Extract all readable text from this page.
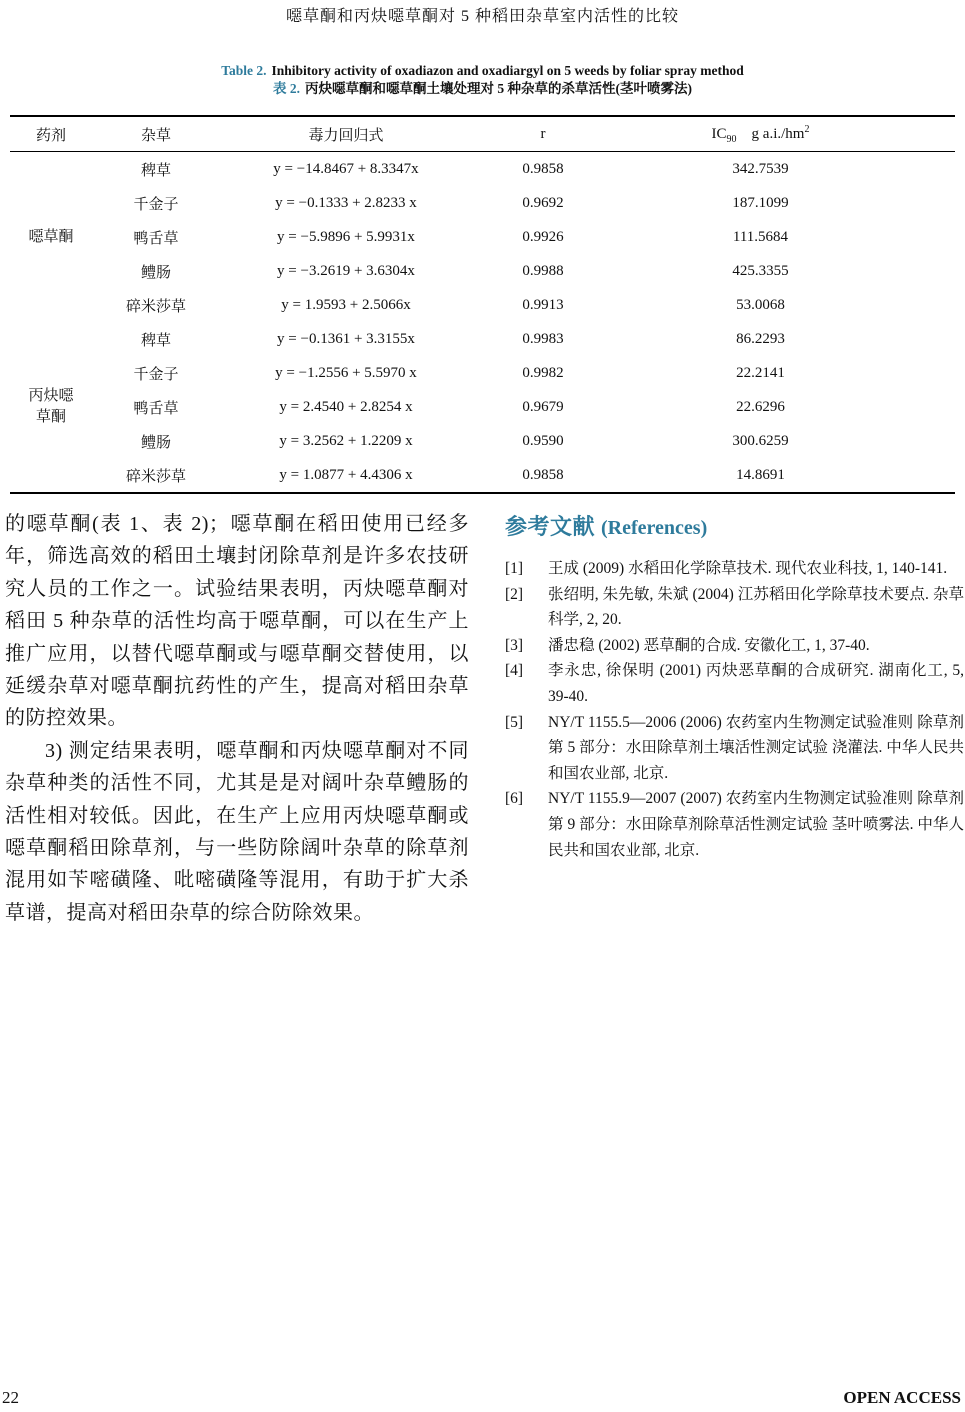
噁草酮和丙炔噁草酮对 5 种稻田杂草室内活性的比较
Table 2. Inhibitory activity of oxadiazon and oxadiargyl on 5 weeds by foliar spray method
表 2. 丙炔噁草酮和噁草酮土壤处理对 5 种杂草的杀草活性(茎叶喷雾法)
药剂	杂草	毒力回归式	r	$IC_{90}$ g $a.i./hm^2$
噁草酮	稗草	y = −14.8467 + 8.3347x	0.9858	342.7539
	千金子	y = −0.1333 + 2.8233 x	0.9692	187.1099
	鸭舌草	y = −5.9896 + 5.9931x	0.9926	111.5684
	鳢肠	y = −3.2619 + 3.6304x	0.9988	425.3355
	碎米莎草	y = 1.9593 + 2.5066x	0.9913	53.0068
丙炔噁草酮	稗草	y = −0.1361 + 3.3155x	0.9983	86.2293
	千金子	y = −1.2556 + 5.5970 x	0.9982	22.2141
	鸭舌草	y = 2.4540 + 2.8254 x	0.9679	22.6296
	鳢肠	y = 3.2562 + 1.2209 x	0.9590	300.6259
	碎米莎草	y = 1.0877 + 4.4306 x	0.9858	14.8691

的噁草酮(表 1、表 2)；噁草酮在稻田使用已经多年，筛选高效的稻田土壤封闭除草剂是许多农技研究人员的工作之一。试验结果表明，丙炔噁草酮对稻田 5 种杂草的活性均高于噁草酮，可以在生产上推广应用，以替代噁草酮或与噁草酮交替使用，以延缓杂草对噁草酮抗药性的产生，提高对稻田杂草的防控效果。

3) 测定结果表明，噁草酮和丙炔噁草酮对不同杂草种类的活性不同，尤其是是对阔叶杂草鳢肠的活性相对较低。因此，在生产上应用丙炔噁草酮或噁草酮稻田除草剂，与一些防除阔叶杂草的除草剂混用如苄嘧磺隆、吡嘧磺隆等混用，有助于扩大杀草谱，提高对稻田杂草的综合防除效果。

参考文献 (References)
[1]	王成 (2009) 水稻田化学除草技术. 现代农业科技, 1, 140-141.
[2]	张绍明, 朱先敏, 朱斌 (2004) 江苏稻田化学除草技术要点. 杂草科学, 2, 20.
[3]	潘忠稳 (2002) 恶草酮的合成. 安徽化工, 1, 37-40.
[4]	李永忠, 徐保明 (2001) 丙炔恶草酮的合成研究. 湖南化工, 5, 39-40.
[5]	NY/T 1155.5—2006 (2006) 农药室内生物测定试验准则 除草剂第 5 部分：水田除草剂土壤活性测定试验 浇灌法. 中华人民共和国农业部, 北京.
[6]	NY/T 1155.9—2007 (2007) 农药室内生物测定试验准则 除草剂 第 9 部分：水田除草剂除草活性测定试验 茎叶喷雾法. 中华人民共和国农业部, 北京.
22	OPEN ACCESS
